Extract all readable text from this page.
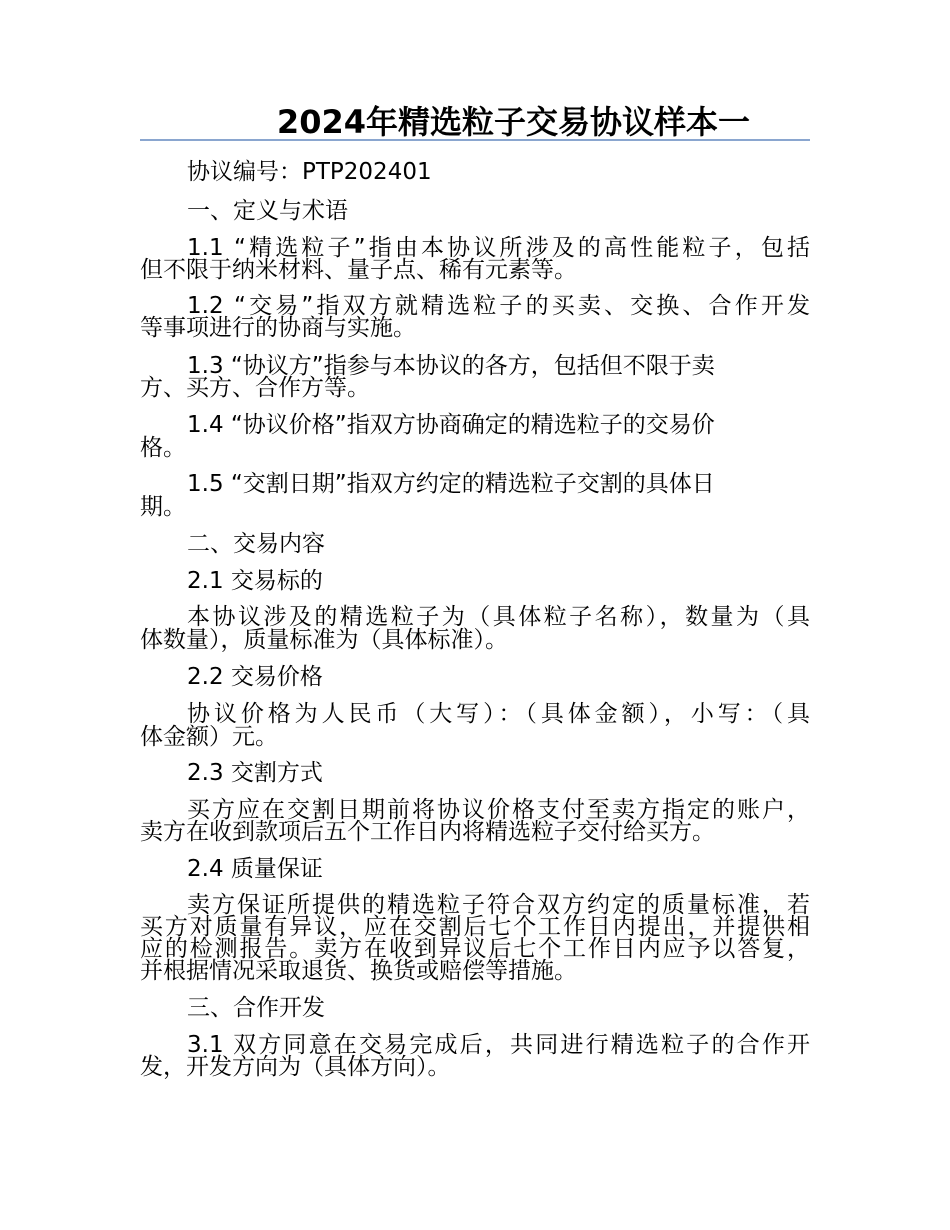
2024年精选粒子交易协议样本一

协议编号：PTP202401

一、定义与术语

1.1 “精选粒子”指由本协议所涉及的高性能粒子，包括

但不限于纳米材料、量子点、稀有元素等。

1.2 “交易”指双方就精选粒子的买卖、交换、合作开发

等事项进行的协商与实施。

1.3 “协议方”指参与本协议的各方，包括但不限于卖

方、买方、合作方等。

1.4 “协议价格”指双方协商确定的精选粒子的交易价

格。

1.5 “交割日期”指双方约定的精选粒子交割的具体日

期。

二、交易内容

2.1 交易标的

本协议涉及的精选粒子为（具体粒子名称），数量为（具

体数量），质量标准为（具体标准）。

2.2 交易价格

协议价格为人民币（大写）：（具体金额），小写：（具

体金额）元。

2.3 交割方式

买方应在交割日期前将协议价格支付至卖方指定的账户，

卖方在收到款项后五个工作日内将精选粒子交付给买方。

2.4 质量保证

卖方保证所提供的精选粒子符合双方约定的质量标准，若

买方对质量有异议，应在交割后七个工作日内提出，并提供相

应的检测报告。卖方在收到异议后七个工作日内应予以答复，

并根据情况采取退货、换货或赔偿等措施。

三、合作开发

3.1 双方同意在交易完成后，共同进行精选粒子的合作开

发，开发方向为（具体方向）。
